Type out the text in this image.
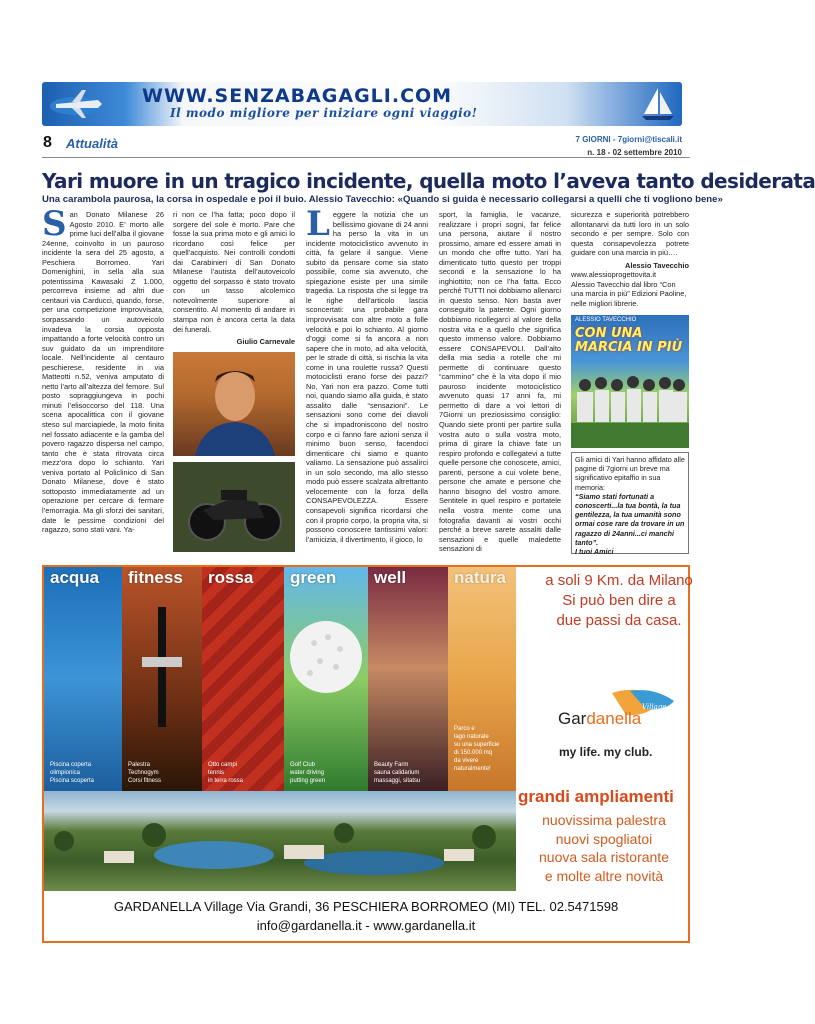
WWW.SENZABAGAGLI.COM
Il modo migliore per iniziare ogni viaggio!
8 Attualità	7 GIORNI - 7giorni@tiscali.it
n. 18 - 02 settembre 2010
Yari muore in un tragico incidente, quella moto l’aveva tanto desiderata
Una carambola paurosa, la corsa in ospedale e poi il buio. Alessio Tavecchio: «Quando si guida è necessario collegarsi a quelli che ti vogliono bene»
San Donato Milanese 26 Agosto 2010. E’ morto alle prime luci dell’alba il giovane 24enne, coinvolto in un pauroso incidente la sera del 25 agosto, a Peschiera Borromeo. Yari Domenighini, in sella alla sua potentissima Kawasaki Z 1.000, percorreva insieme ad altri due centauri via Carducci, quando, forse, per una competizione improvvisata, sorpassando un autoveicolo invadeva la corsia opposta impattando a forte velocità contro un suv guidato da un imprenditore locale. Nell’incidente al centauro peschierese, residente in via Matteotti n.52, veniva amputato di netto l’arto all’altezza del femore. Sul posto sopraggiungeva in pochi minuti l’elisoccorso del 118. Una scena apocalittica con il giovane steso sul marciapiede, la moto finita nel fossato adiacente e la gamba del povero ragazzo dispersa nel campo, tanto che è stata ritrovata circa mezz’ora dopo lo schianto. Yari veniva portato al Policlinico di San Donato Milanese, dove è stato sottoposto immediatamente ad un operazione per cercare di fermare l’emorragia. Ma gli sforzi dei sanitari, date le pessime condizioni del ragazzo, sono stati vani. Ya-
ri non ce l’ha fatta; poco dopo il sorgere del sole è morto. Pare che fosse la sua prima moto e gli amici lo ricordano così felice per quell’acquisto. Nei controlli condotti dai Carabinieri di San Donato Milanese l’autista dell’autoveicolo oggetto del sorpasso è stato trovato con un tasso alcolemico notevolmente superiore al consentito. Al momento di andare in stampa non è ancora certa la data dei funerali.
Giulio Carnevale
Leggere la notizia che un bellissimo giovane di 24 anni ha perso la vita in un incidente motociclistico avvenuto in città, fa gelare il sangue. Viene subito da pensare come sia stato possibile, come sia avvenuto, che spiegazione esiste per una simile tragedia. La risposta che si legge tra le righe dell’articolo lascia sconcertati: una probabile gara improvvisata con altre moto a folle velocità e poi lo schianto. Al giorno d’oggi come si fa ancora a non sapere che in moto, ad alta velocità, per le strade di città, si rischia la vita come in una roulette russa? Questi motociclisti erano forse dei pazzi? No, Yari non era pazzo. Come tutti noi, quando siamo alla guida, è stato assalito dalle “sensazioni”. Le sensazioni sono come dei diavoli che si impadroniscono del nostro corpo e ci fanno fare azioni senza il minimo buon senso, facendoci dimenticare chi siamo e quanto valiamo. La sensazione può assalirci in un solo secondo, ma allo stesso modo può essere scalzata altrettanto velocemente con la forza della CONSAPEVOLEZZA. Essere consapevoli significa ricordarsi che con il proprio corpo, la propria vita, si possono conoscere tantissimi valori: l’amicizia, il divertimento, il gioco, lo
sport, la famiglia, le vacanze, realizzare i propri sogni, far felice una persona, aiutare il nostro prossimo, amare ed essere amati in un mondo che offre tutto. Yari ha dimenticato tutto questo per troppi secondi e la sensazione lo ha inghiottito; non ce l’ha fatta. Ecco perché TUTTI noi dobbiamo allenarci in questo senso. Non basta aver conseguito la patente. Ogni giorno dobbiamo ricollegarci al valore della nostra vita e a quello che significa questo immenso valore. Dobbiamo essere CONSAPEVOLI. Dall’alto della mia sedia a rotelle che mi permette di continuare questo “cammino” che è la vita dopo il mio pauroso incidente motociclistico avvenuto quasi 17 anni fa, mi permetto di dare a voi lettori di 7Giorni un preziosissimo consiglio: Quando siete pronti per partire sulla vostra auto o sulla vostra moto, prima di girare la chiave fate un respiro profondo e collegatevi a tutte quelle persone che conoscete, amici, parenti, persone a cui volete bene, persone che amate e persone che hanno bisogno del vostro amore. Sentitele in quel respiro e portatele nella vostra mente come una fotografia davanti ai vostri occhi perché a breve sarete assaliti dalle sensazioni e quelle maledette sensazioni di
sicurezza e superiorità potrebbero allontanarvi da tutti loro in un solo secondo e per sempre. Solo con questa consapevolezza potrete guidare con una marcia in più….
Alessio Tavecchio
www.alessioprogettovita.it
Alessio Tavecchio dal libro “Con una marcia in più” Edizioni Paoline, nelle migliori librerie.
ALESSIO TAVECCHIO
CON UNA MARCIA IN PIÙ
Gli amici di Yari hanno affidato alle pagine di 7giorni un breve ma significativo epitaffio in sua memoria:
“Siamo stati fortunati a conoscerti...la tua bontà, la tua gentilezza, la tua umanità sono ormai cose rare da trovare in un ragazzo di 24anni...ci manchi tanto”.
I tuoi Amici
acqua
Piscina coperta
olimpionica
Piscina scoperta
fitness
Palestra
Technogym
Corsi fitness
rossa
Otto campi
tennis
in terra rossa
green
Golf Club
water driving
putting green
well
Beauty Farm
sauna calidarium
massaggi, sitatsu
natura
Parco e
lago naturale
su una superficie
di 150.000 mq
da vivere
naturalmente!
a soli 9 Km. da Milano
Si può ben dire a
due passi da casa.
Gardanella
Village
my life. my club.
grandi ampliamenti
nuovissima palestra
nuovi spogliatoi
nuova sala ristorante
e molte altre novità
GARDANELLA Village Via Grandi, 36 PESCHIERA BORROMEO (MI) TEL. 02.5471598
info@gardanella.it - www.gardanella.it
